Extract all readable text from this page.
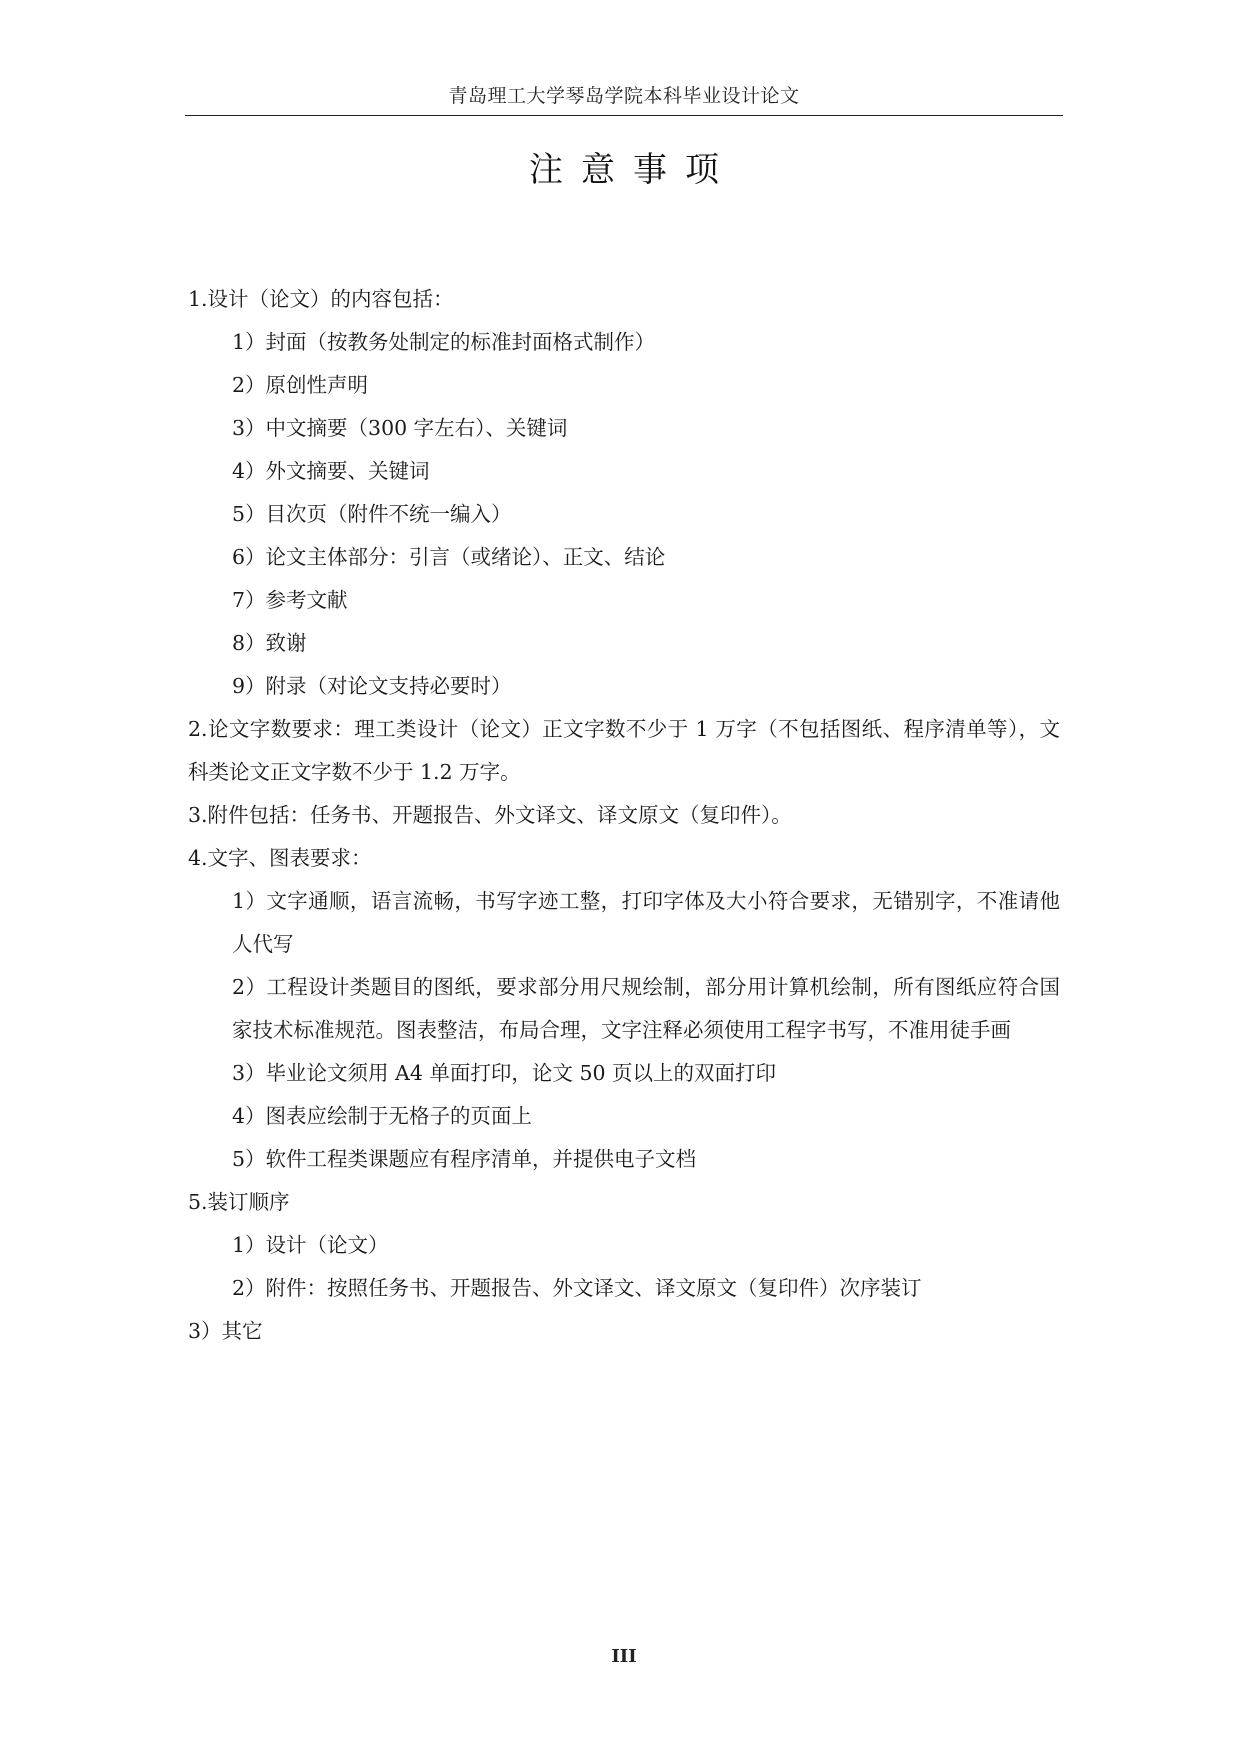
青岛理工大学琴岛学院本科毕业设计论文
注意事项
1.设计（论文）的内容包括：
1）封面（按教务处制定的标准封面格式制作）
2）原创性声明
3）中文摘要（300 字左右）、关键词
4）外文摘要、关键词
5）目次页（附件不统一编入）
6）论文主体部分：引言（或绪论）、正文、结论
7）参考文献
8）致谢
9）附录（对论文支持必要时）
2.论文字数要求：理工类设计（论文）正文字数不少于 1 万字（不包括图纸、程序清单等），文科类论文正文字数不少于 1.2 万字。
3.附件包括：任务书、开题报告、外文译文、译文原文（复印件）。
4.文字、图表要求：
1）文字通顺，语言流畅，书写字迹工整，打印字体及大小符合要求，无错别字，不准请他人代写
2）工程设计类题目的图纸，要求部分用尺规绘制，部分用计算机绘制，所有图纸应符合国家技术标准规范。图表整洁，布局合理，文字注释必须使用工程字书写，不准用徒手画
3）毕业论文须用 A4 单面打印，论文 50 页以上的双面打印
4）图表应绘制于无格子的页面上
5）软件工程类课题应有程序清单，并提供电子文档
5.装订顺序
1）设计（论文）
2）附件：按照任务书、开题报告、外文译文、译文原文（复印件）次序装订
3）其它
III
